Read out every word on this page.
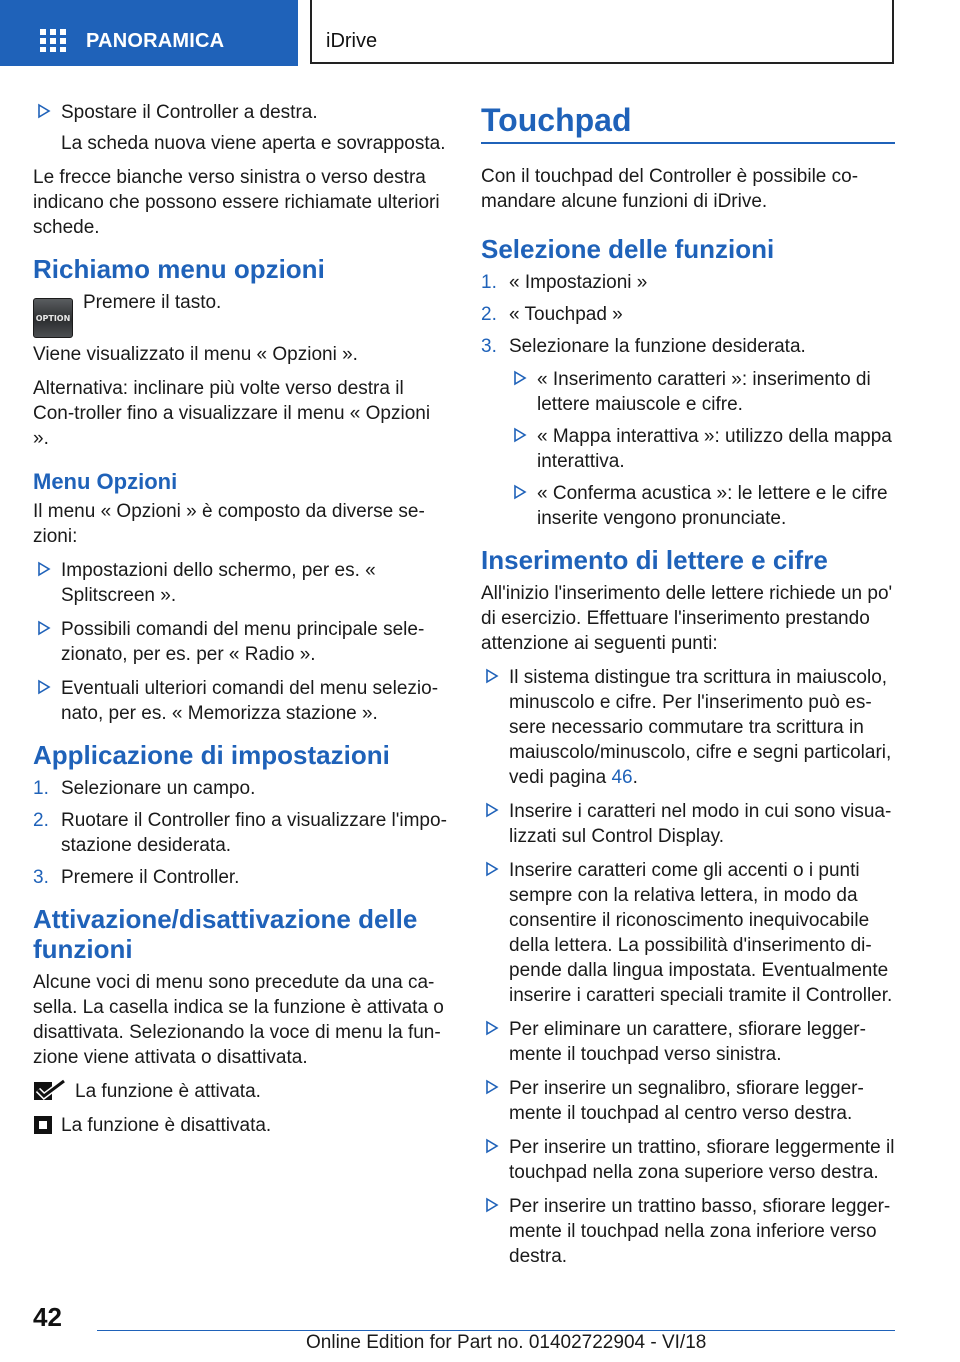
PANORAMICA	iDrive
Spostare il Controller a destra.
La scheda nuova viene aperta e sovrapposta.

Le frecce bianche verso sinistra o verso destra indicano che possono essere richiamate ulteriori schede.

Richiamo menu opzioni
OPTION
Premere il tasto.

Viene visualizzato il menu « Opzioni ».

Alternativa: inclinare più volte verso destra il Con‐troller fino a visualizzare il menu « Opzioni ».

Menu Opzioni

Il menu « Opzioni » è composto da diverse se‐zioni:

Impostazioni dello schermo, per es. « Splitscreen ».
Possibili comandi del menu principale sele‐zionato, per es. per « Radio ».
Eventuali ulteriori comandi del menu selezio‐nato, per es. « Memorizza stazione ».
Applicazione di impostazioni
1. Selezionare un campo.
2. Ruotare il Controller fino a visualizzare l'impo‐stazione desiderata.
3. Premere il Controller.
Attivazione/disattivazione delle funzioni

Alcune voci di menu sono precedute da una ca‐sella. La casella indica se la funzione è attivata o disattivata. Selezionando la voce di menu la fun‐zione viene attivata o disattivata.

La funzione è attivata.
La funzione è disattivata.
Touchpad

Con il touchpad del Controller è possibile co‐mandare alcune funzioni di iDrive.

Selezione delle funzioni
1. « Impostazioni »
2. « Touchpad »
3. Selezionare la funzione desiderata.
« Inserimento caratteri »: inserimento di lettere maiuscole e cifre.
« Mappa interattiva »: utilizzo della mappa interattiva.
« Conferma acustica »: le lettere e le cifre inserite vengono pronunciate.
Inserimento di lettere e cifre

All'inizio l'inserimento delle lettere richiede un po' di esercizio. Effettuare l'inserimento prestando attenzione ai seguenti punti:

Il sistema distingue tra scrittura in maiuscolo, minuscolo e cifre. Per l'inserimento può es‐sere necessario commutare tra scrittura in maiuscolo/minuscolo, cifre e segni particolari, vedi pagina 46.
Inserire i caratteri nel modo in cui sono visua‐lizzati sul Control Display.
Inserire caratteri come gli accenti o i punti sempre con la relativa lettera, in modo da consentire il riconoscimento inequivocabile della lettera. La possibilità d'inserimento di‐pende dalla lingua impostata. Eventualmente inserire i caratteri speciali tramite il Controller.
Per eliminare un carattere, sfiorare legger‐mente il touchpad verso sinistra.
Per inserire un segnalibro, sfiorare legger‐mente il touchpad al centro verso destra.
Per inserire un trattino, sfiorare leggermente il touchpad nella zona superiore verso destra.
Per inserire un trattino basso, sfiorare legger‐mente il touchpad nella zona inferiore verso destra.
42
Online Edition for Part no. 01402722904 - VI/18
